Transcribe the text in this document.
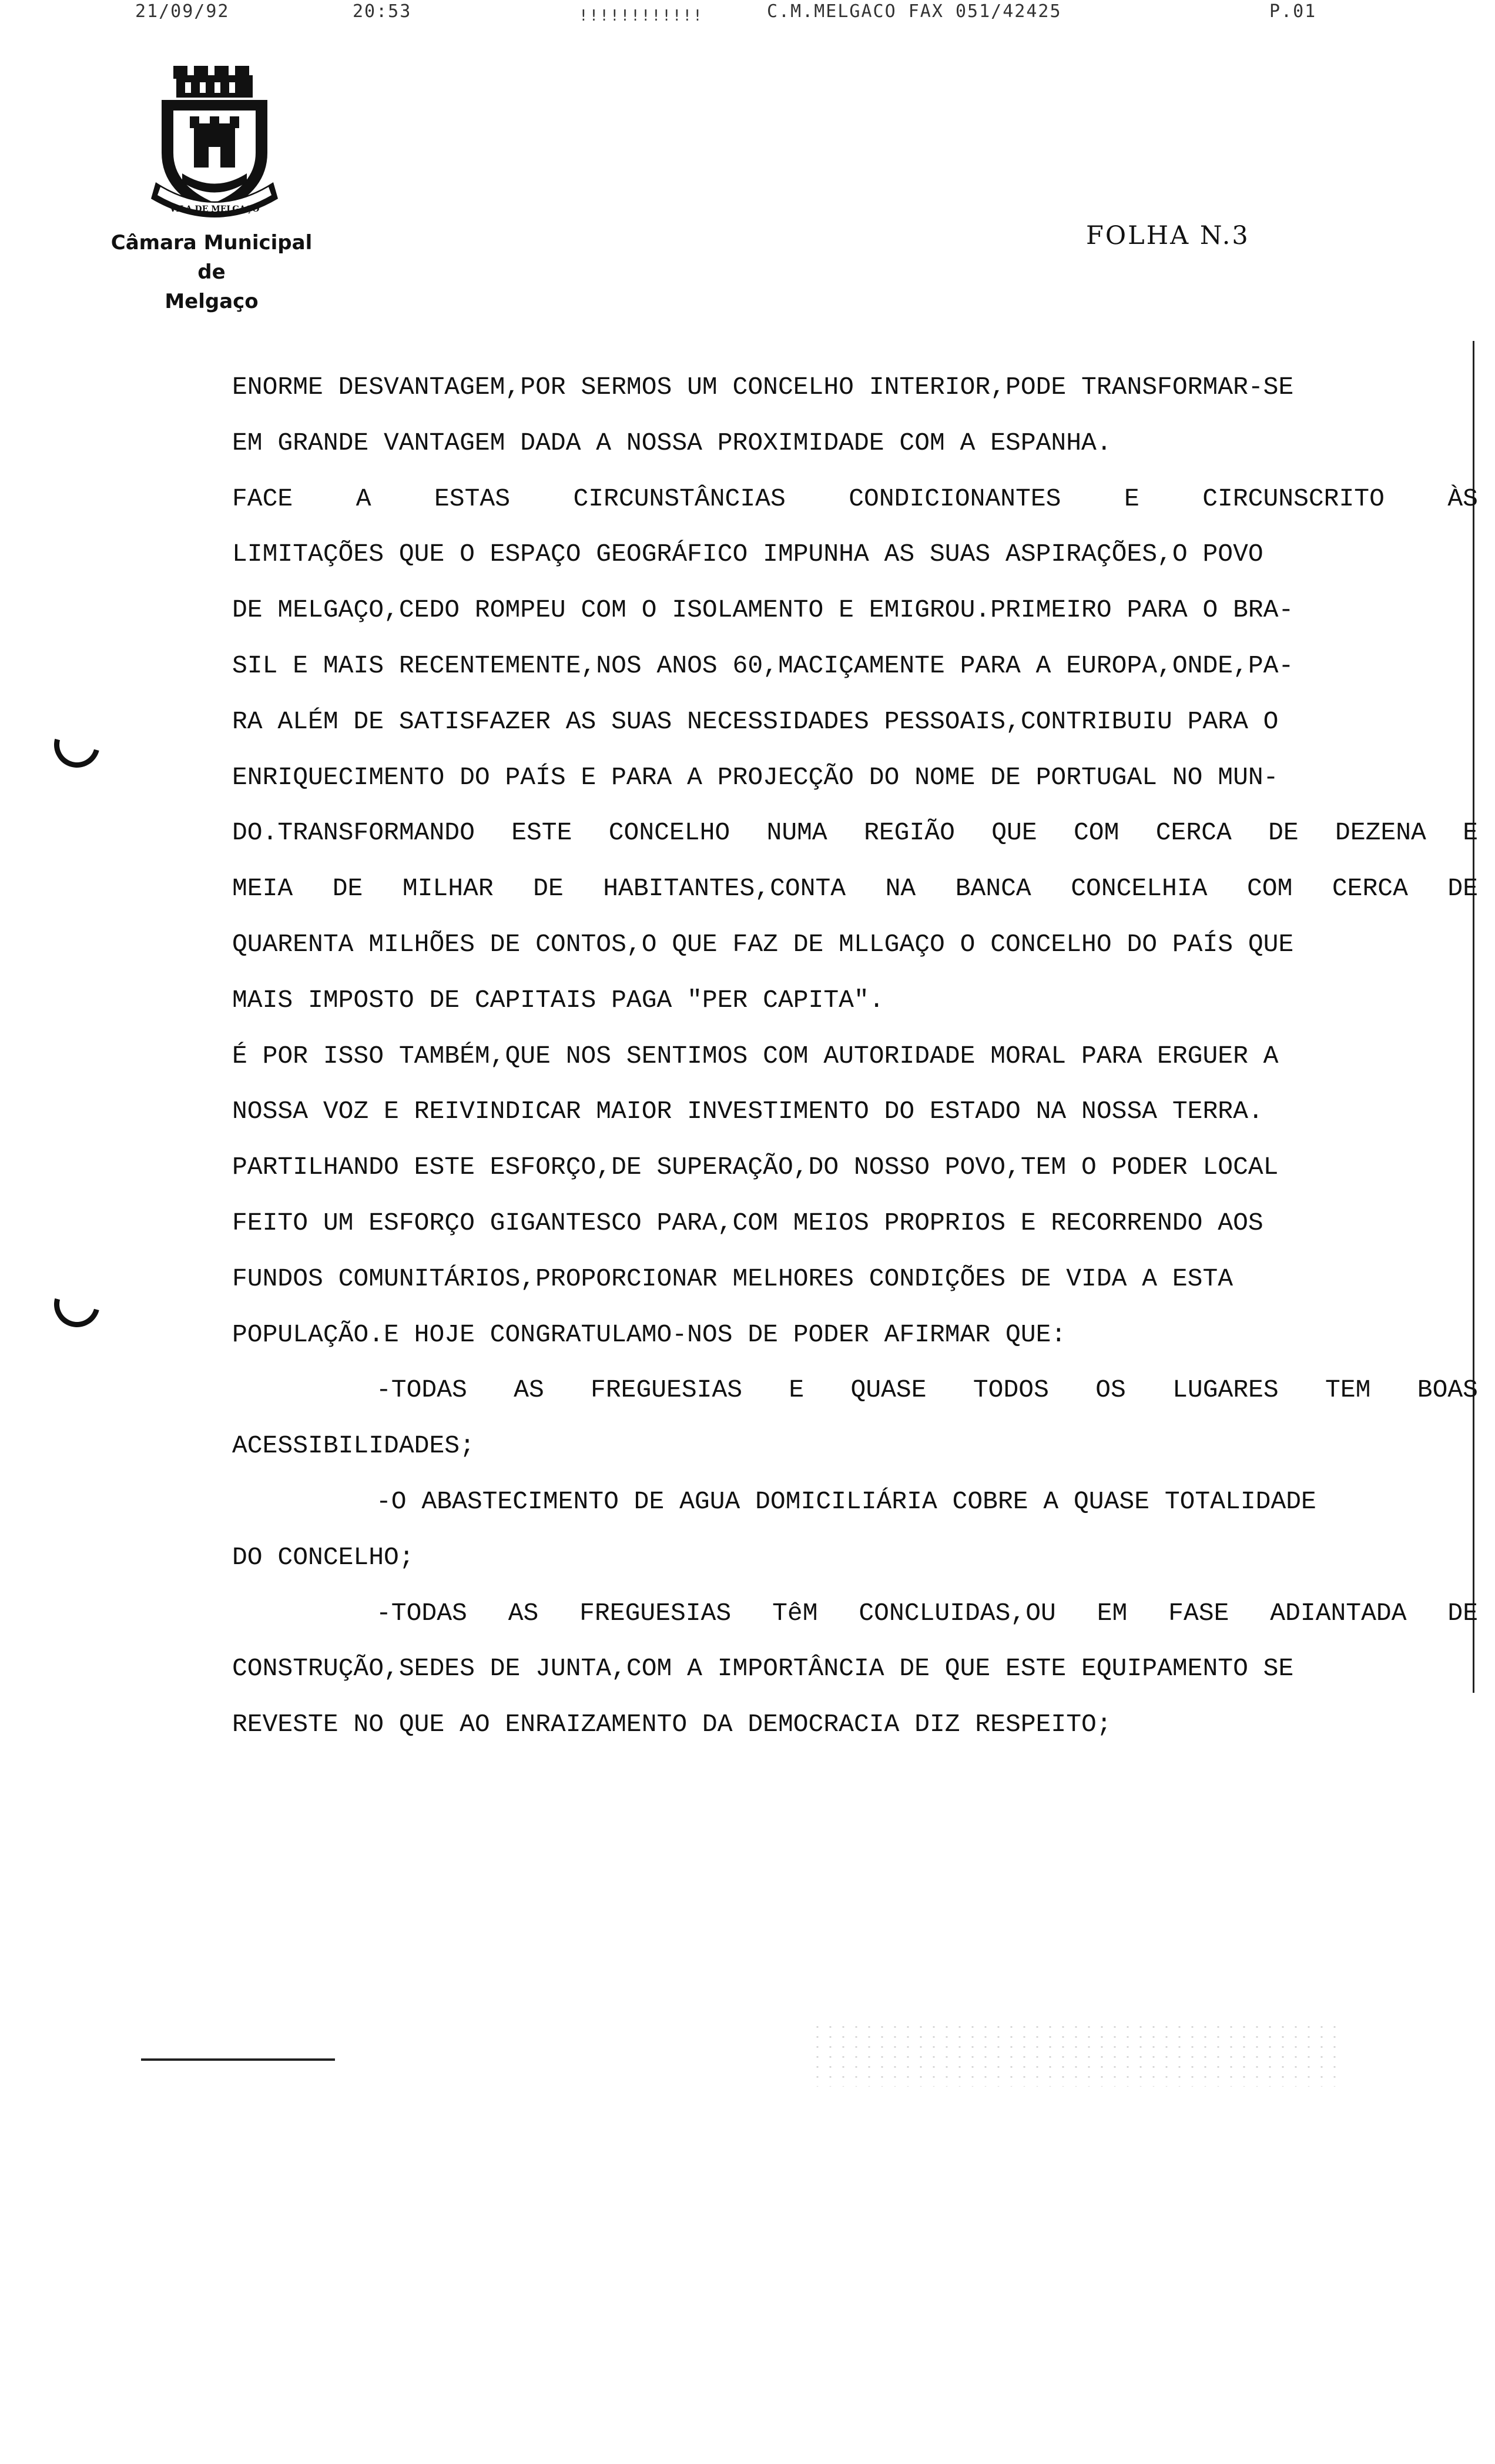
21/09/92	20:53	!!!!!!!!!!!!	C.M.MELGACO FAX 051/42425	P.01
VILA DE MELGAÇO
Câmara Municipal
de
Melgaço
FOLHA N.3
ENORME DESVANTAGEM,POR SERMOS UM CONCELHO INTERIOR,PODE TRANSFORMAR-SE
EM GRANDE VANTAGEM DADA A NOSSA PROXIMIDADE COM A ESPANHA.
FACE A ESTAS CIRCUNSTÂNCIAS CONDICIONANTES E CIRCUNSCRITO ÀS
LIMITAÇÕES QUE O ESPAÇO GEOGRÁFICO IMPUNHA AS SUAS ASPIRAÇÕES,O POVO
DE MELGAÇO,CEDO ROMPEU COM O ISOLAMENTO E EMIGROU.PRIMEIRO PARA O BRA-
SIL E MAIS RECENTEMENTE,NOS ANOS 60,MACIÇAMENTE PARA A EUROPA,ONDE,PA-
RA ALÉM DE SATISFAZER AS SUAS NECESSIDADES PESSOAIS,CONTRIBUIU PARA O
ENRIQUECIMENTO DO PAÍS E PARA A PROJECÇÃO DO NOME DE PORTUGAL NO MUN-
DO.TRANSFORMANDO ESTE CONCELHO NUMA REGIÃO QUE COM CERCA DE DEZENA E
MEIA DE MILHAR DE HABITANTES,CONTA NA BANCA CONCELHIA COM CERCA DE
QUARENTA MILHÕES DE CONTOS,O QUE FAZ DE MLLGAÇO O CONCELHO DO PAÍS QUE
MAIS IMPOSTO DE CAPITAIS PAGA "PER CAPITA".
É POR ISSO TAMBÉM,QUE NOS SENTIMOS COM AUTORIDADE MORAL PARA ERGUER A
NOSSA VOZ E REIVINDICAR MAIOR INVESTIMENTO DO ESTADO NA NOSSA TERRA.
PARTILHANDO ESTE ESFORÇO,DE SUPERAÇÃO,DO NOSSO POVO,TEM O PODER LOCAL
FEITO UM ESFORÇO GIGANTESCO PARA,COM MEIOS PROPRIOS E RECORRENDO AOS
FUNDOS COMUNITÁRIOS,PROPORCIONAR MELHORES CONDIÇÕES DE VIDA A ESTA
POPULAÇÃO.E HOJE CONGRATULAMO-NOS DE PODER AFIRMAR QUE:
-TODAS AS FREGUESIAS E QUASE TODOS OS LUGARES TEM BOAS
ACESSIBILIDADES;
-O ABASTECIMENTO DE AGUA DOMICILIÁRIA COBRE A QUASE TOTALIDADE
DO CONCELHO;
-TODAS AS FREGUESIAS TêM CONCLUIDAS,OU EM FASE ADIANTADA DE
CONSTRUÇÃO,SEDES DE JUNTA,COM A IMPORTÂNCIA DE QUE ESTE EQUIPAMENTO SE
REVESTE NO QUE AO ENRAIZAMENTO DA DEMOCRACIA DIZ RESPEITO;
